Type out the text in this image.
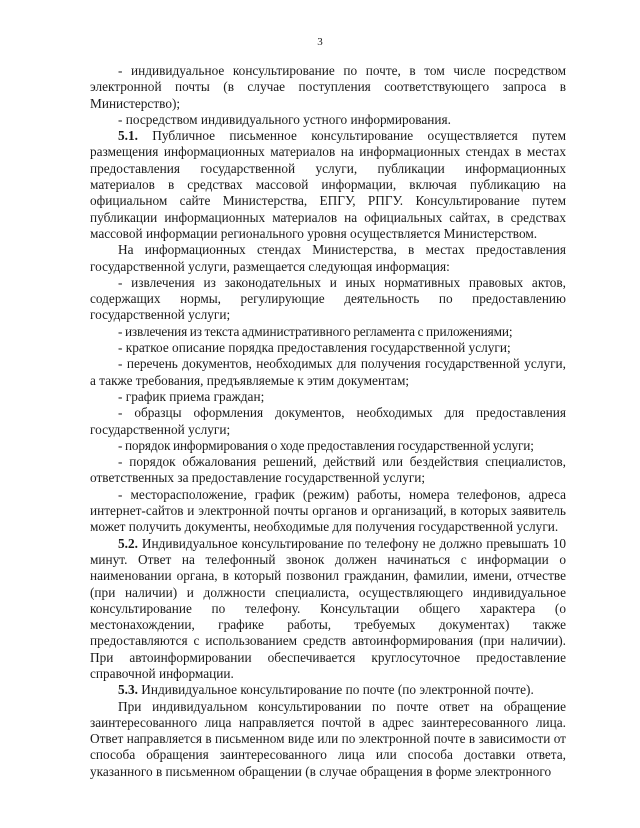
3

- индивидуальное консультирование по почте, в том числе посредством электронной почты (в случае поступления соответствующего запроса в Министерство);

- посредством индивидуального устного информирования.

5.1. Публичное письменное консультирование осуществляется путем размещения информационных материалов на информационных стендах в местах предоставления государственной услуги, публикации информационных материалов в средствах массовой информации, включая публикацию на официальном сайте Министерства, ЕПГУ, РПГУ. Консультирование путем публикации информационных материалов на официальных сайтах, в средствах массовой информации регионального уровня осуществляется Министерством.

На информационных стендах Министерства, в местах предоставления государственной услуги, размещается следующая информация:

- извлечения из законодательных и иных нормативных правовых актов, содержащих нормы, регулирующие деятельность по предоставлению государственной услуги;

- извлечения из текста административного регламента с приложениями;

- краткое описание порядка предоставления государственной услуги;

- перечень документов, необходимых для получения государственной услуги, а также требования, предъявляемые к этим документам;

- график приема граждан;

- образцы оформления документов, необходимых для предоставления государственной услуги;

- порядок информирования о ходе предоставления государственной услуги;

- порядок обжалования решений, действий или бездействия специалистов, ответственных за предоставление государственной услуги;

- месторасположение, график (режим) работы, номера телефонов, адреса интернет-сайтов и электронной почты органов и организаций, в которых заявитель может получить документы, необходимые для получения государственной услуги.

5.2. Индивидуальное консультирование по телефону не должно превышать 10 минут. Ответ на телефонный звонок должен начинаться с информации о наименовании органа, в который позвонил гражданин, фамилии, имени, отчестве (при наличии) и должности специалиста, осуществляющего индивидуальное консультирование по телефону. Консультации общего характера (о местонахождении, графике работы, требуемых документах) также предоставляются с использованием средств автоинформирования (при наличии). При автоинформировании обеспечивается круглосуточное предоставление справочной информации.

5.3. Индивидуальное консультирование по почте (по электронной почте).

При индивидуальном консультировании по почте ответ на обращение заинтересованного лица направляется почтой в адрес заинтересованного лица. Ответ направляется в письменном виде или по электронной почте в зависимости от способа обращения заинтересованного лица или способа доставки ответа, указанного в письменном обращении (в случае обращения в форме электронного
